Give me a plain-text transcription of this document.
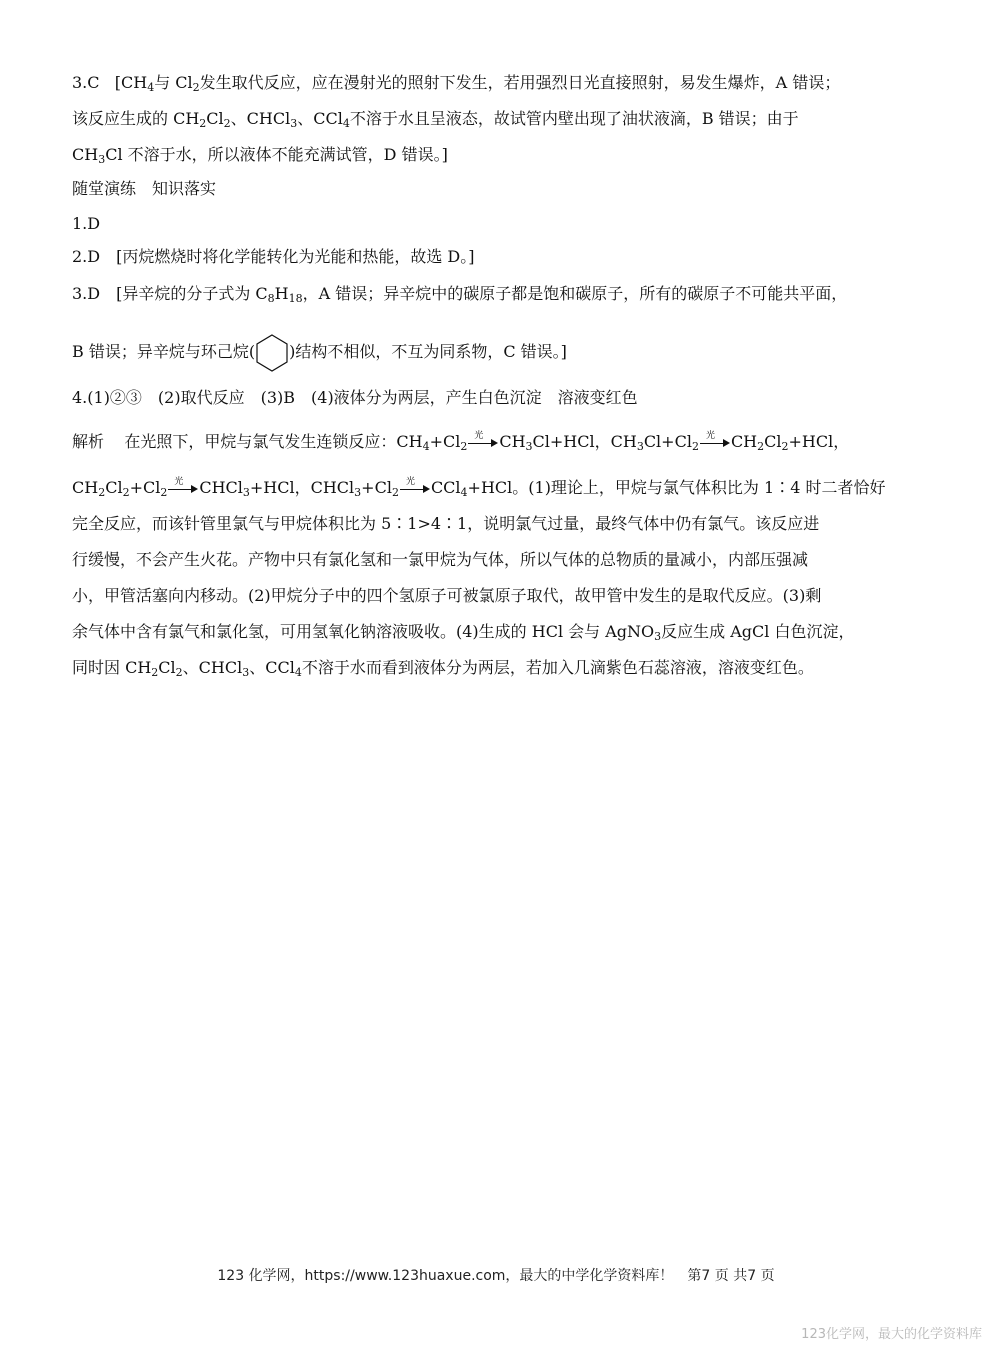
3.C [$CH_4$与 $Cl_2$发生取代反应，应在漫射光的照射下发生，若用强烈日光直接照射，易发生爆炸，A 错误；
该反应生成的 $CH_2Cl_2$、CHCl$_3$、CCl$_4$不溶于水且呈液态，故试管内壁出现了油状液滴，B 错误；由于
$CH_3Cl$ 不溶于水，所以液体不能充满试管，D 错误。]
随堂演练　知识落实
1.D
2.D　[丙烷燃烧时将化学能转化为光能和热能，故选 D。]
3.D　[异辛烷的分子式为 $C_8H_{18}$，A 错误；异辛烷中的碳原子都是饱和碳原子，所有的碳原子不可能共平面，
B 错误；异辛烷与环己烷( )结构不相似，不互为同系物，C 错误。]
4.(1)②③　(2)取代反应　(3)B　(4)液体分为两层，产生白色沉淀　溶液变红色
解析 在光照下，甲烷与氯气发生连锁反应：$CH_4+Cl_2$
光 $CH_3Cl+HCl$，$CH_3Cl+Cl_2$
光 $CH_2Cl_2+HCl$，
$CH_2Cl_2+Cl_2$
光 CHCl$_3$+HCl，$CHCl_3+Cl_2$
光 CCl$_4$+HCl。(1)理论上，甲烷与氯气体积比为 1∶4 时二者恰好
完全反应，而该针管里氯气与甲烷体积比为 5∶1>4∶1，说明氯气过量，最终气体中仍有氯气。该反应进
行缓慢，不会产生火花。产物中只有氯化氢和一氯甲烷为气体，所以气体的总物质的量减小，内部压强减
小，甲管活塞向内移动。(2)甲烷分子中的四个氢原子可被氯原子取代，故甲管中发生的是取代反应。(3)剩
余气体中含有氯气和氯化氢，可用氢氧化钠溶液吸收。(4)生成的 HCl 会与 AgNO$_3$反应生成 AgCl 白色沉淀，
同时因 $CH_2Cl_2$、CHCl$_3$、CCl$_4$不溶于水而看到液体分为两层，若加入几滴紫色石蕊溶液，溶液变红色。
123 化学网，https://www.123huaxue.com，最大的中学化学资料库！　第7 页 共7 页
123化学网，最大的化学资料库
